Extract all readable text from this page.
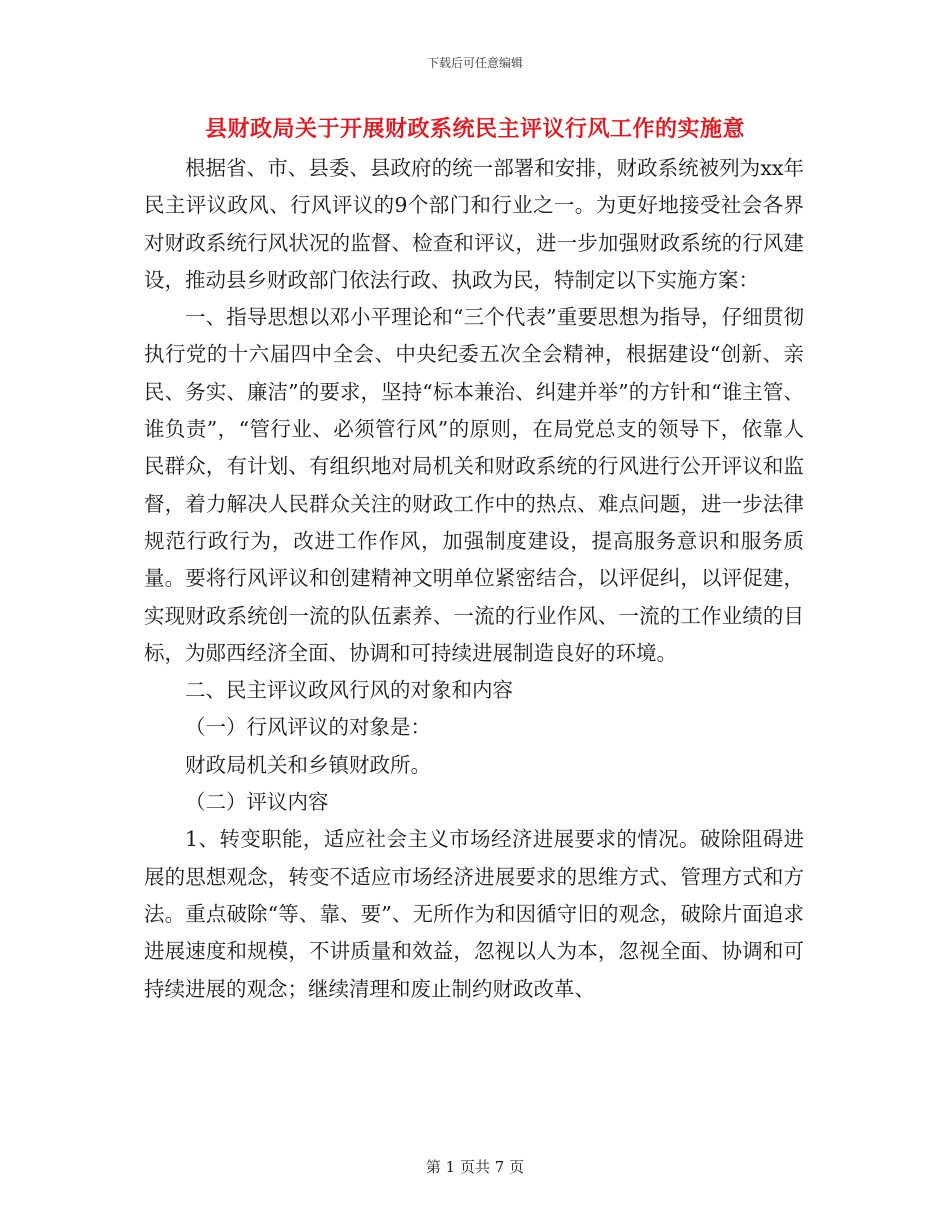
下载后可任意编辑
县财政局关于开展财政系统民主评议行风工作的实施意

根据省、市、县委、县政府的统一部署和安排，财政系统被列为xx年民主评议政风、行风评议的9个部门和行业之一。为更好地接受社会各界对财政系统行风状况的监督、检查和评议，进一步加强财政系统的行风建设，推动县乡财政部门依法行政、执政为民，特制定以下实施方案：

一、指导思想以邓小平理论和“三个代表”重要思想为指导，仔细贯彻执行党的十六届四中全会、中央纪委五次全会精神，根据建设“创新、亲民、务实、廉洁”的要求，坚持“标本兼治、纠建并举”的方针和“谁主管、谁负责”，“管行业、必须管行风”的原则，在局党总支的领导下，依靠人民群众，有计划、有组织地对局机关和财政系统的行风进行公开评议和监督，着力解决人民群众关注的财政工作中的热点、难点问题，进一步法律规范行政行为，改进工作作风，加强制度建设，提高服务意识和服务质量。要将行风评议和创建精神文明单位紧密结合，以评促纠，以评促建，实现财政系统创一流的队伍素养、一流的行业作风、一流的工作业绩的目标，为郧西经济全面、协调和可持续进展制造良好的环境。

二、民主评议政风行风的对象和内容

（一）行风评议的对象是：

财政局机关和乡镇财政所。

（二）评议内容

1、转变职能，适应社会主义市场经济进展要求的情况。破除阻碍进展的思想观念，转变不适应市场经济进展要求的思维方式、管理方式和方法。重点破除“等、靠、要”、无所作为和因循守旧的观念，破除片面追求进展速度和规模，不讲质量和效益，忽视以人为本，忽视全面、协调和可持续进展的观念；继续清理和废止制约财政改革、

第 1 页共 7 页
